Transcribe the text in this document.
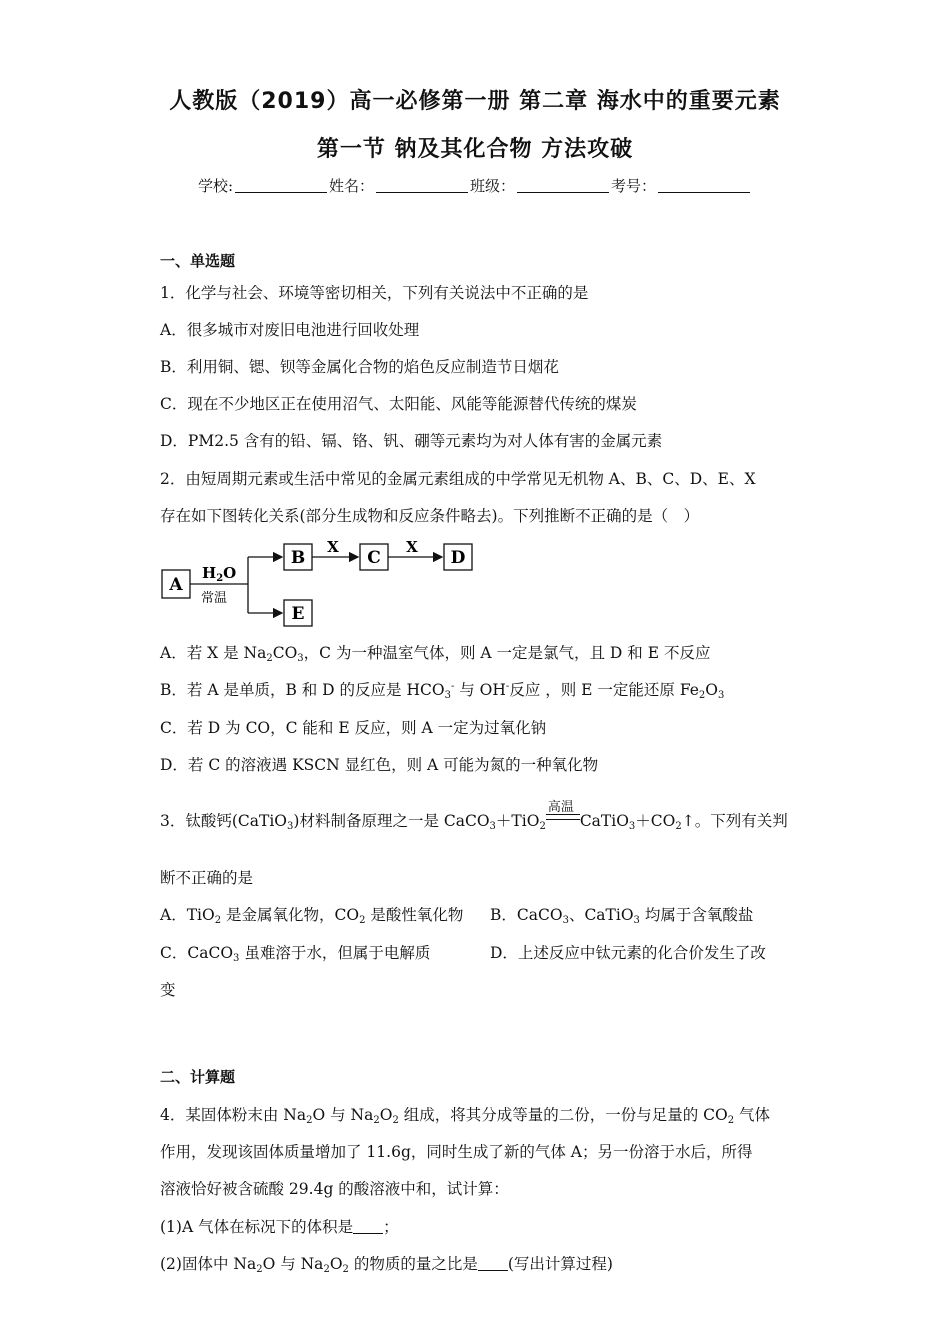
人教版（2019）高一必修第一册 第二章 海水中的重要元素
第一节 钠及其化合物 方法攻破
学校:	姓名：	班级：	考号：
一、单选题
1．化学与社会、环境等密切相关，下列有关说法中不正确的是
A．很多城市对废旧电池进行回收处理
B．利用铜、锶、钡等金属化合物的焰色反应制造节日烟花
C．现在不少地区正在使用沼气、太阳能、风能等能源替代传统的煤炭
D．PM2.5 含有的铅、镉、铬、钒、硼等元素均为对人体有害的金属元素
2．由短周期元素或生活中常见的金属元素组成的中学常见无机物 A、B、C、D、E、X
存在如下图转化关系(部分生成物和反应条件略去)。下列推断不正确的是（　）
A
$H_2O$
常温
B
X
C
X
D
E
A．若 X 是 $Na_2CO_3$，C 为一种温室气体，则 A 一定是氯气，且 D 和 E 不反应
B．若 A 是单质，B 和 D 的反应是 $HCO_3^-$ 与 OH-反应 ，则 E 一定能还原 $Fe_2O_3$
C．若 D 为 CO，C 能和 E 反应，则 A 一定为过氧化钠
D．若 C 的溶液遇 KSCN 显红色，则 A 可能为氮的一种氧化物
3．钛酸钙(CaTiO$_3$)材料制备原理之一是 CaCO$_3$＋TiO$_2$
高温
$CaTiO_3+CO_2↑$。下列有关判
断不正确的是
A．TiO$_2$ 是金属氧化物，$CO_2$ 是酸性氧化物 B．CaCO$_3$、CaTiO$_3$ 均属于含氧酸盐
C．CaCO$_3$ 虽难溶于水，但属于电解质	D．上述反应中钛元素的化合价发生了改
变
二、计算题
4．某固体粉末由 $Na_2O$ 与 $Na_2O_2$ 组成，将其分成等量的二份，一份与足量的 $CO_2$ 气体
作用，发现该固体质量增加了 11.6g，同时生成了新的气体 A；另一份溶于水后，所得
溶液恰好被含硫酸 29.4g 的酸溶液中和，试计算：
(1)A 气体在标况下的体积是 ；
(2)固体中 $Na_2O$ 与 $Na_2O_2$ 的物质的量之比是 (写出计算过程)
